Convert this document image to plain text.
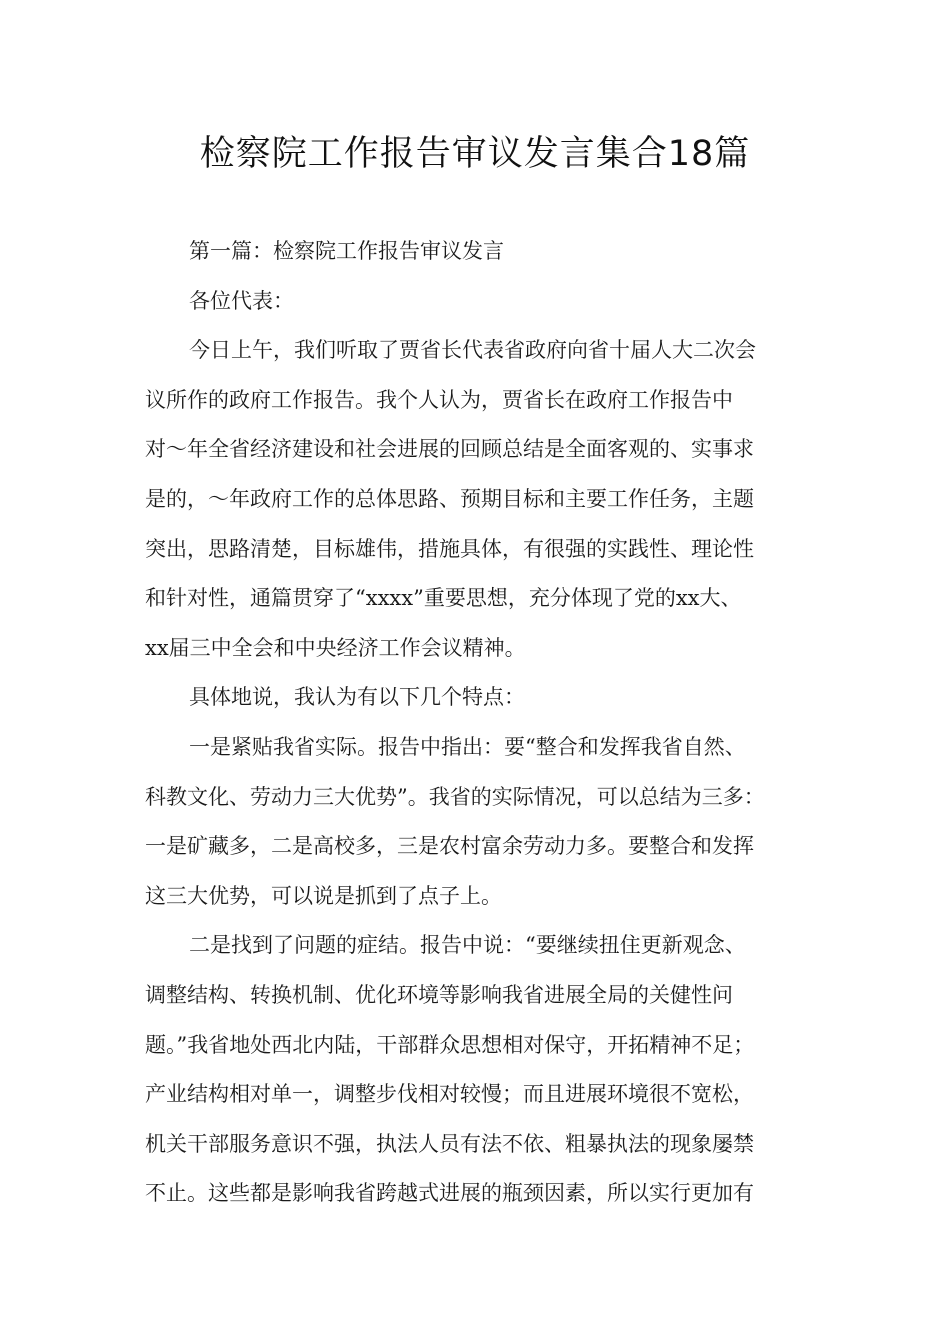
检察院工作报告审议发言集合18篇

第一篇：检察院工作报告审议发言

各位代表：

今日上午，我们听取了贾省长代表省政府向省十届人大二次会
议所作的政府工作报告。我个人认为，贾省长在政府工作报告中
对～年全省经济建设和社会进展的回顾总结是全面客观的、实事求
是的，～年政府工作的总体思路、预期目标和主要工作任务，主题
突出，思路清楚，目标雄伟，措施具体，有很强的实践性、理论性
和针对性，通篇贯穿了“xxxx”重要思想，充分体现了党的xx大、
xx届三中全会和中央经济工作会议精神。

具体地说，我认为有以下几个特点：

一是紧贴我省实际。报告中指出：要“整合和发挥我省自然、
科教文化、劳动力三大优势”。我省的实际情况，可以总结为三多：
一是矿藏多，二是高校多，三是农村富余劳动力多。要整合和发挥
这三大优势，可以说是抓到了点子上。

二是找到了问题的症结。报告中说：“要继续扭住更新观念、
调整结构、转换机制、优化环境等影响我省进展全局的关健性问
题。”我省地处西北内陆，干部群众思想相对保守，开拓精神不足；
产业结构相对单一，调整步伐相对较慢；而且进展环境很不宽松，
机关干部服务意识不强，执法人员有法不依、粗暴执法的现象屡禁
不止。这些都是影响我省跨越式进展的瓶颈因素，所以实行更加有
